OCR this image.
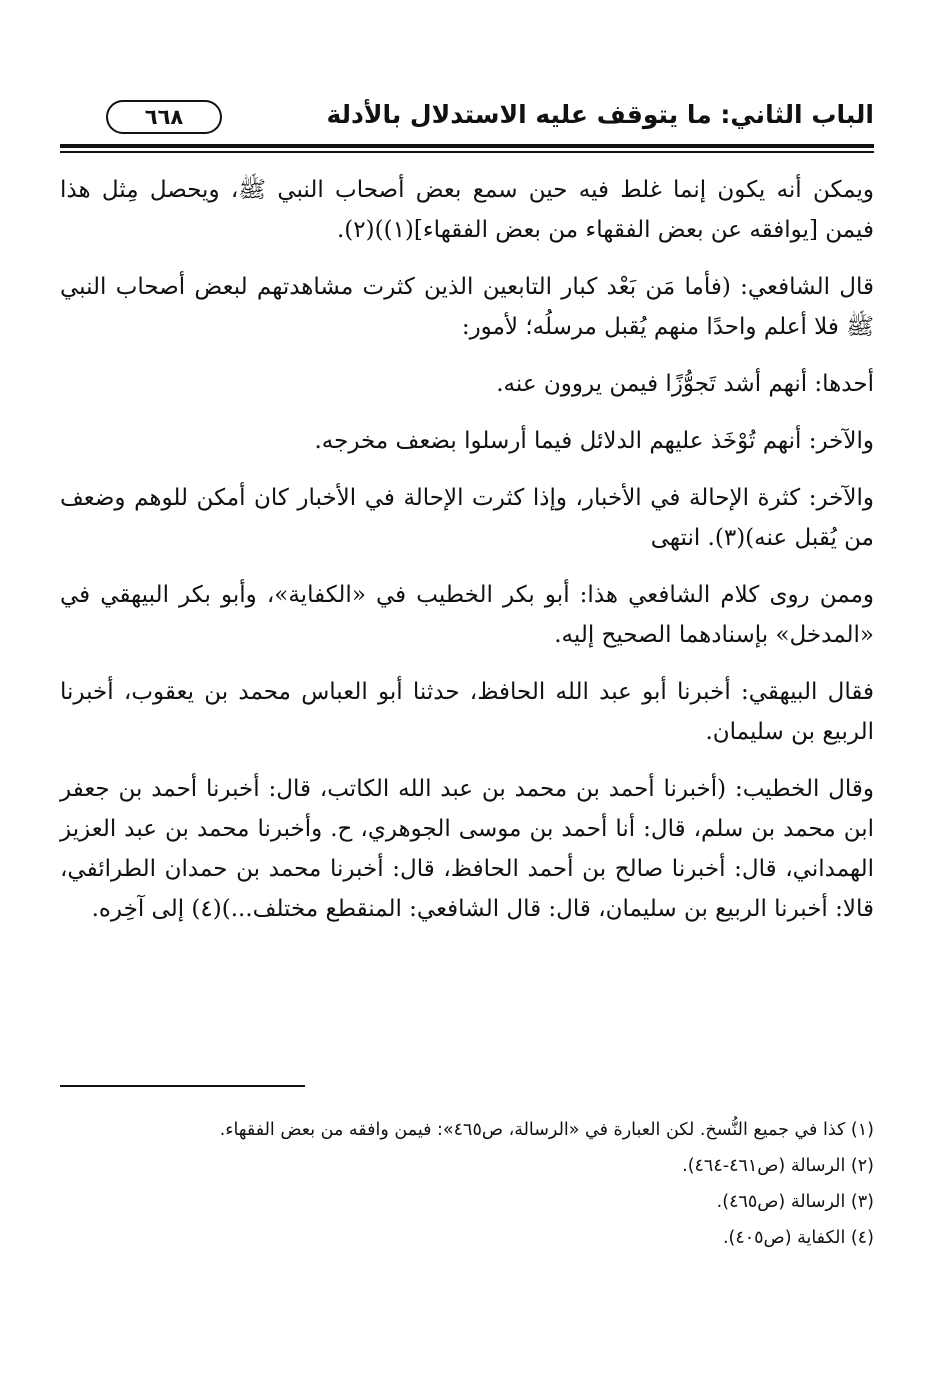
الباب الثاني: ما يتوقف عليه الاستدلال بالأدلة
٦٦٨

ويمكن أنه يكون إنما غلط فيه حين سمع بعض أصحاب النبي ﷺ، ويحصل مِثل هذا فيمن [يوافقه عن بعض الفقهاء من بعض الفقهاء](١))(٢).

قال الشافعي: (فأما مَن بَعْد كبار التابعين الذين كثرت مشاهدتهم لبعض أصحاب النبي ﷺ فلا أعلم واحدًا منهم يُقبل مرسلُه؛ لأمور:

أحدها: أنهم أشد تَجوُّزًا فيمن يروون عنه.

والآخر: أنهم تُوْخَذ عليهم الدلائل فيما أرسلوا بضعف مخرجه.

والآخر: كثرة الإحالة في الأخبار، وإذا كثرت الإحالة في الأخبار كان أمكن للوهم وضعف من يُقبل عنه)(٣). انتهى

وممن روى كلام الشافعي هذا: أبو بكر الخطيب في «الكفاية»، وأبو بكر البيهقي في «المدخل» بإسنادهما الصحيح إليه.

فقال البيهقي: أخبرنا أبو عبد الله الحافظ، حدثنا أبو العباس محمد بن يعقوب، أخبرنا الربيع بن سليمان.

وقال الخطيب: (أخبرنا أحمد بن محمد بن عبد الله الكاتب، قال: أخبرنا أحمد بن جعفر ابن محمد بن سلم، قال: أنا أحمد بن موسى الجوهري، ح. وأخبرنا محمد بن عبد العزيز الهمداني، قال: أخبرنا صالح بن أحمد الحافظ، قال: أخبرنا محمد بن حمدان الطرائفي، قالا: أخبرنا الربيع بن سليمان، قال: قال الشافعي: المنقطع مختلف...)(٤) إلى آخِره.

(١) كذا في جميع النُّسخ. لكن العبارة في «الرسالة، ص٤٦٥»: فيمن وافقه من بعض الفقهاء.

(٢) الرسالة (ص٤٦١-٤٦٤).

(٣) الرسالة (ص٤٦٥).

(٤) الكفاية (ص٤٠٥).
